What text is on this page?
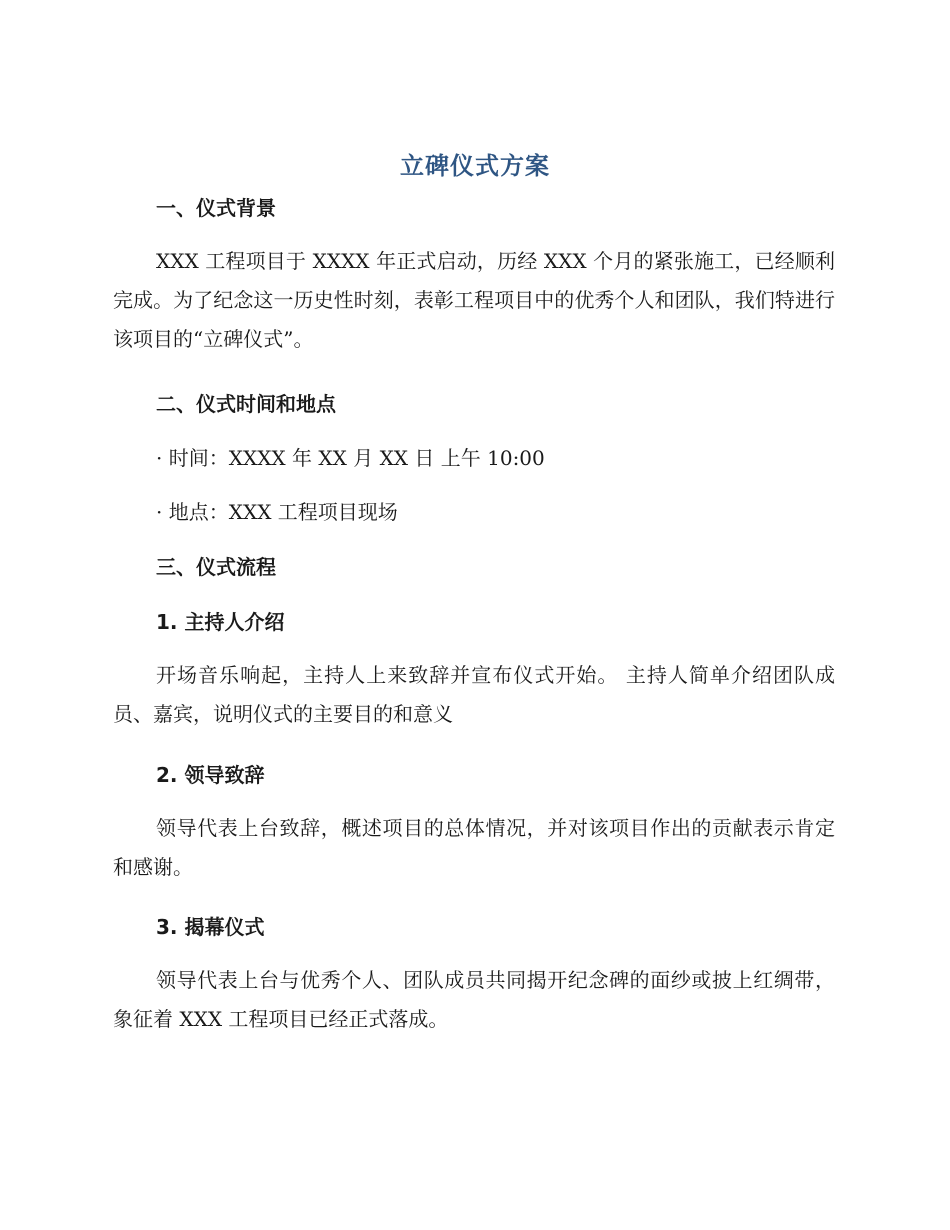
立碑仪式方案
一、仪式背景
XXX 工程项目于 XXXX 年正式启动，历经 XXX 个月的紧张施工，已经顺利完成。为了纪念这一历史性时刻，表彰工程项目中的优秀个人和团队，我们特进行该项目的“立碑仪式”。
二、仪式时间和地点
· 时间：XXXX 年 XX 月 XX 日 上午 10:00
· 地点：XXX 工程项目现场
三、仪式流程
1. 主持人介绍
开场音乐响起，主持人上来致辞并宣布仪式开始。 主持人简单介绍团队成员、嘉宾，说明仪式的主要目的和意义
2. 领导致辞
领导代表上台致辞，概述项目的总体情况，并对该项目作出的贡献表示肯定和感谢。
3. 揭幕仪式
领导代表上台与优秀个人、团队成员共同揭开纪念碑的面纱或披上红绸带，象征着 XXX 工程项目已经正式落成。
